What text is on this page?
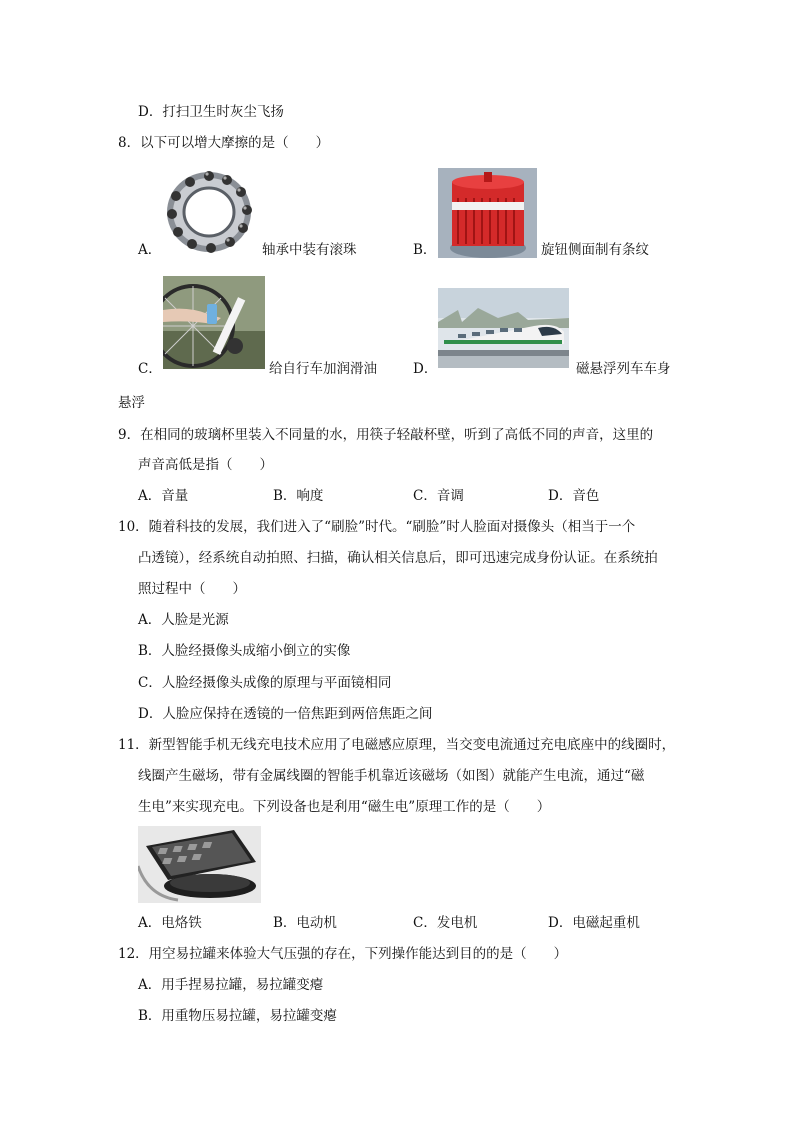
D．打扫卫生时灰尘飞扬
8．以下可以增大摩擦的是（　　）
A．	轴承中装有滚珠	B．	旋钮侧面制有条纹
C．	给自行车加润滑油	D．	磁悬浮列车车身
悬浮
9．在相同的玻璃杯里装入不同量的水，用筷子轻敲杯壁，听到了高低不同的声音，这里的
声音高低是指（　　）
A．音量	B．响度	C．音调	D．音色
10．随着科技的发展，我们进入了“刷脸”时代。“刷脸”时人脸面对摄像头（相当于一个
凸透镜），经系统自动拍照、扫描，确认相关信息后，即可迅速完成身份认证。在系统拍
照过程中（　　）
A．人脸是光源
B．人脸经摄像头成缩小倒立的实像
C．人脸经摄像头成像的原理与平面镜相同
D．人脸应保持在透镜的一倍焦距到两倍焦距之间
11．新型智能手机无线充电技术应用了电磁感应原理，当交变电流通过充电底座中的线圈时，
线圈产生磁场，带有金属线圈的智能手机靠近该磁场（如图）就能产生电流，通过“磁
生电”来实现充电。下列设备也是利用“磁生电”原理工作的是（　　）
A．电烙铁	B．电动机	C．发电机	D．电磁起重机
12．用空易拉罐来体验大气压强的存在，下列操作能达到目的的是（　　）
A．用手捏易拉罐，易拉罐变瘪
B．用重物压易拉罐，易拉罐变瘪
